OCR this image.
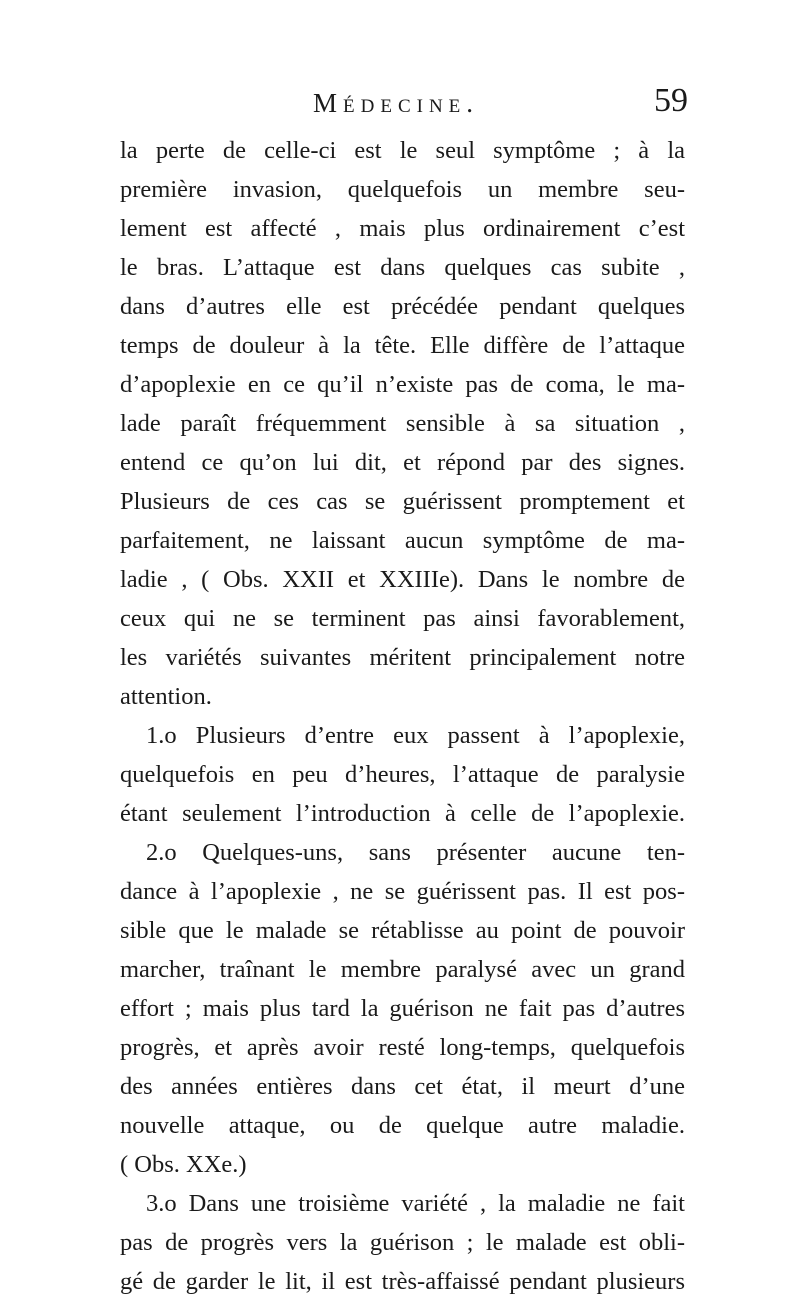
Médecine.	59
la perte de celle-ci est le seul symptôme ; à la
première invasion, quelquefois un membre seu-
lement est affecté , mais plus ordinairement c’est
le bras. L’attaque est dans quelques cas subite ,
dans d’autres elle est précédée pendant quelques
temps de douleur à la tête. Elle diffère de l’attaque
d’apoplexie en ce qu’il n’existe pas de coma, le ma-
lade paraît fréquemment sensible à sa situation ,
entend ce qu’on lui dit, et répond par des signes.
Plusieurs de ces cas se guérissent promptement et
parfaitement, ne laissant aucun symptôme de ma-
ladie , ( Obs. XXII et XXIIIe). Dans le nombre de
ceux qui ne se terminent pas ainsi favorablement,
les variétés suivantes méritent principalement notre
attention.
1.o Plusieurs d’entre eux passent à l’apoplexie,
quelquefois en peu d’heures, l’attaque de paralysie
étant seulement l’introduction à celle de l’apoplexie.
2.o Quelques-uns, sans présenter aucune ten-
dance à l’apoplexie , ne se guérissent pas. Il est pos-
sible que le malade se rétablisse au point de pouvoir
marcher, traînant le membre paralysé avec un grand
effort ; mais plus tard la guérison ne fait pas d’autres
progrès, et après avoir resté long-temps, quelquefois
des années entières dans cet état, il meurt d’une
nouvelle attaque, ou de quelque autre maladie.
( Obs. XXe.)
3.o Dans une troisième variété , la maladie ne fait
pas de progrès vers la guérison ; le malade est obli-
gé de garder le lit, il est très-affaissé pendant plusieurs
